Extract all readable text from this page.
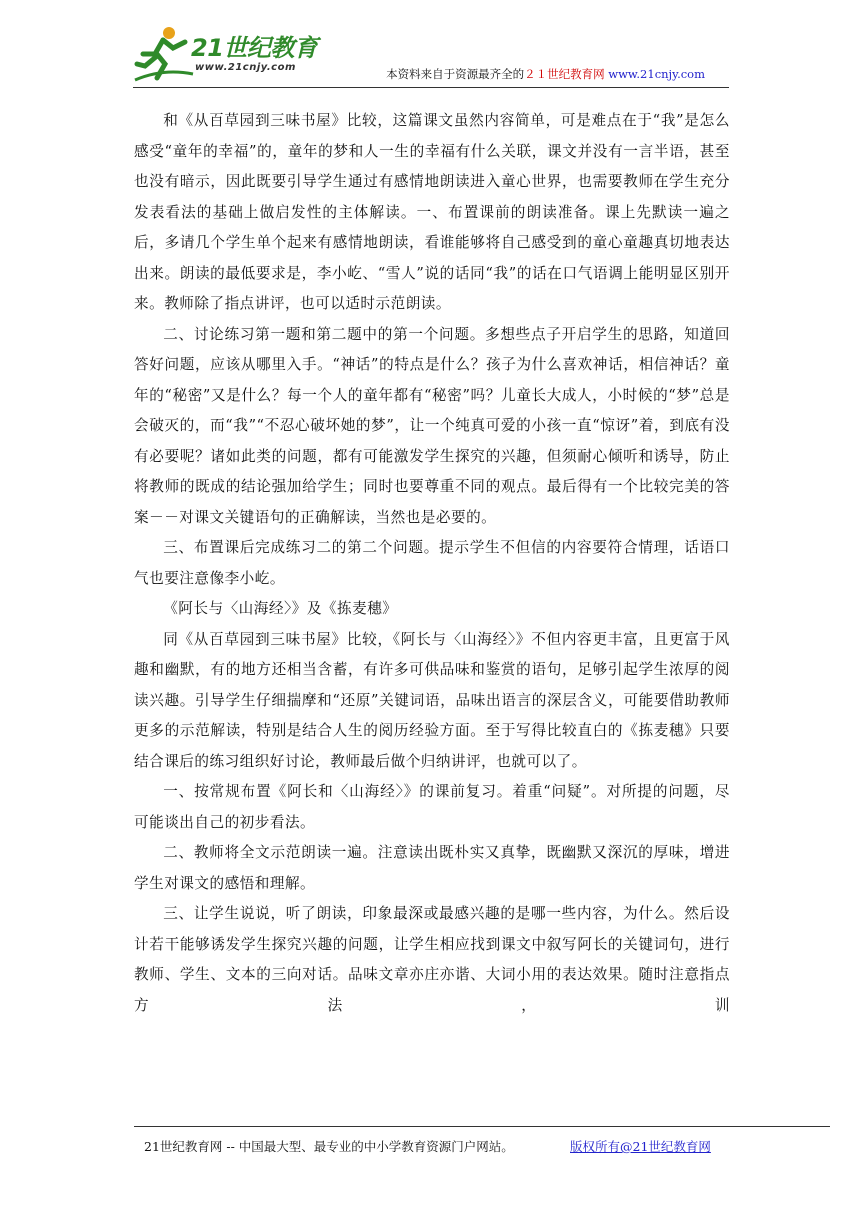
21世纪教育
www.21cnjy.com	本资料来自于资源最齐全的２１世纪教育网 www.21cnjy.com

和《从百草园到三味书屋》比较，这篇课文虽然内容简单，可是难点在于“我”是怎么感受“童年的幸福”的，童年的梦和人一生的幸福有什么关联，课文并没有一言半语，甚至也没有暗示，因此既要引导学生通过有感情地朗读进入童心世界，也需要教师在学生充分发表看法的基础上做启发性的主体解读。一、布置课前的朗读准备。课上先默读一遍之后，多请几个学生单个起来有感情地朗读，看谁能够将自己感受到的童心童趣真切地表达出来。朗读的最低要求是，李小屹、“雪人”说的话同“我”的话在口气语调上能明显区别开来。教师除了指点讲评，也可以适时示范朗读。

二、讨论练习第一题和第二题中的第一个问题。多想些点子开启学生的思路，知道回答好问题，应该从哪里入手。“神话”的特点是什么？孩子为什么喜欢神话，相信神话？童年的“秘密”又是什么？每一个人的童年都有“秘密”吗？儿童长大成人，小时候的“梦”总是会破灭的，而“我”“不忍心破坏她的梦”，让一个纯真可爱的小孩一直“惊讶”着，到底有没有必要呢？诸如此类的问题，都有可能激发学生探究的兴趣，但须耐心倾听和诱导，防止将教师的既成的结论强加给学生；同时也要尊重不同的观点。最后得有一个比较完美的答案－－对课文关键语句的正确解读，当然也是必要的。

三、布置课后完成练习二的第二个问题。提示学生不但信的内容要符合情理，话语口气也要注意像李小屹。

《阿长与〈山海经〉》及《拣麦穗》

同《从百草园到三味书屋》比较，《阿长与〈山海经〉》不但内容更丰富，且更富于风趣和幽默，有的地方还相当含蓄，有许多可供品味和鉴赏的语句，足够引起学生浓厚的阅读兴趣。引导学生仔细揣摩和“还原”关键词语，品味出语言的深层含义，可能要借助教师更多的示范解读，特别是结合人生的阅历经验方面。至于写得比较直白的《拣麦穗》只要结合课后的练习组织好讨论，教师最后做个归纳讲评，也就可以了。

一、按常规布置《阿长和〈山海经〉》的课前复习。着重“问疑”。对所提的问题，尽可能谈出自己的初步看法。

二、教师将全文示范朗读一遍。注意读出既朴实又真挚，既幽默又深沉的厚味，增进学生对课文的感悟和理解。

三、让学生说说，听了朗读，印象最深或最感兴趣的是哪一些内容，为什么。然后设计若干能够诱发学生探究兴趣的问题，让学生相应找到课文中叙写阿长的关键词句，进行教师、学生、文本的三向对话。品味文章亦庄亦谐、大词小用的表达效果。随时注意指点方法，训

21世纪教育网 -- 中国最大型、最专业的中小学教育资源门户网站。	版权所有@21世纪教育网
